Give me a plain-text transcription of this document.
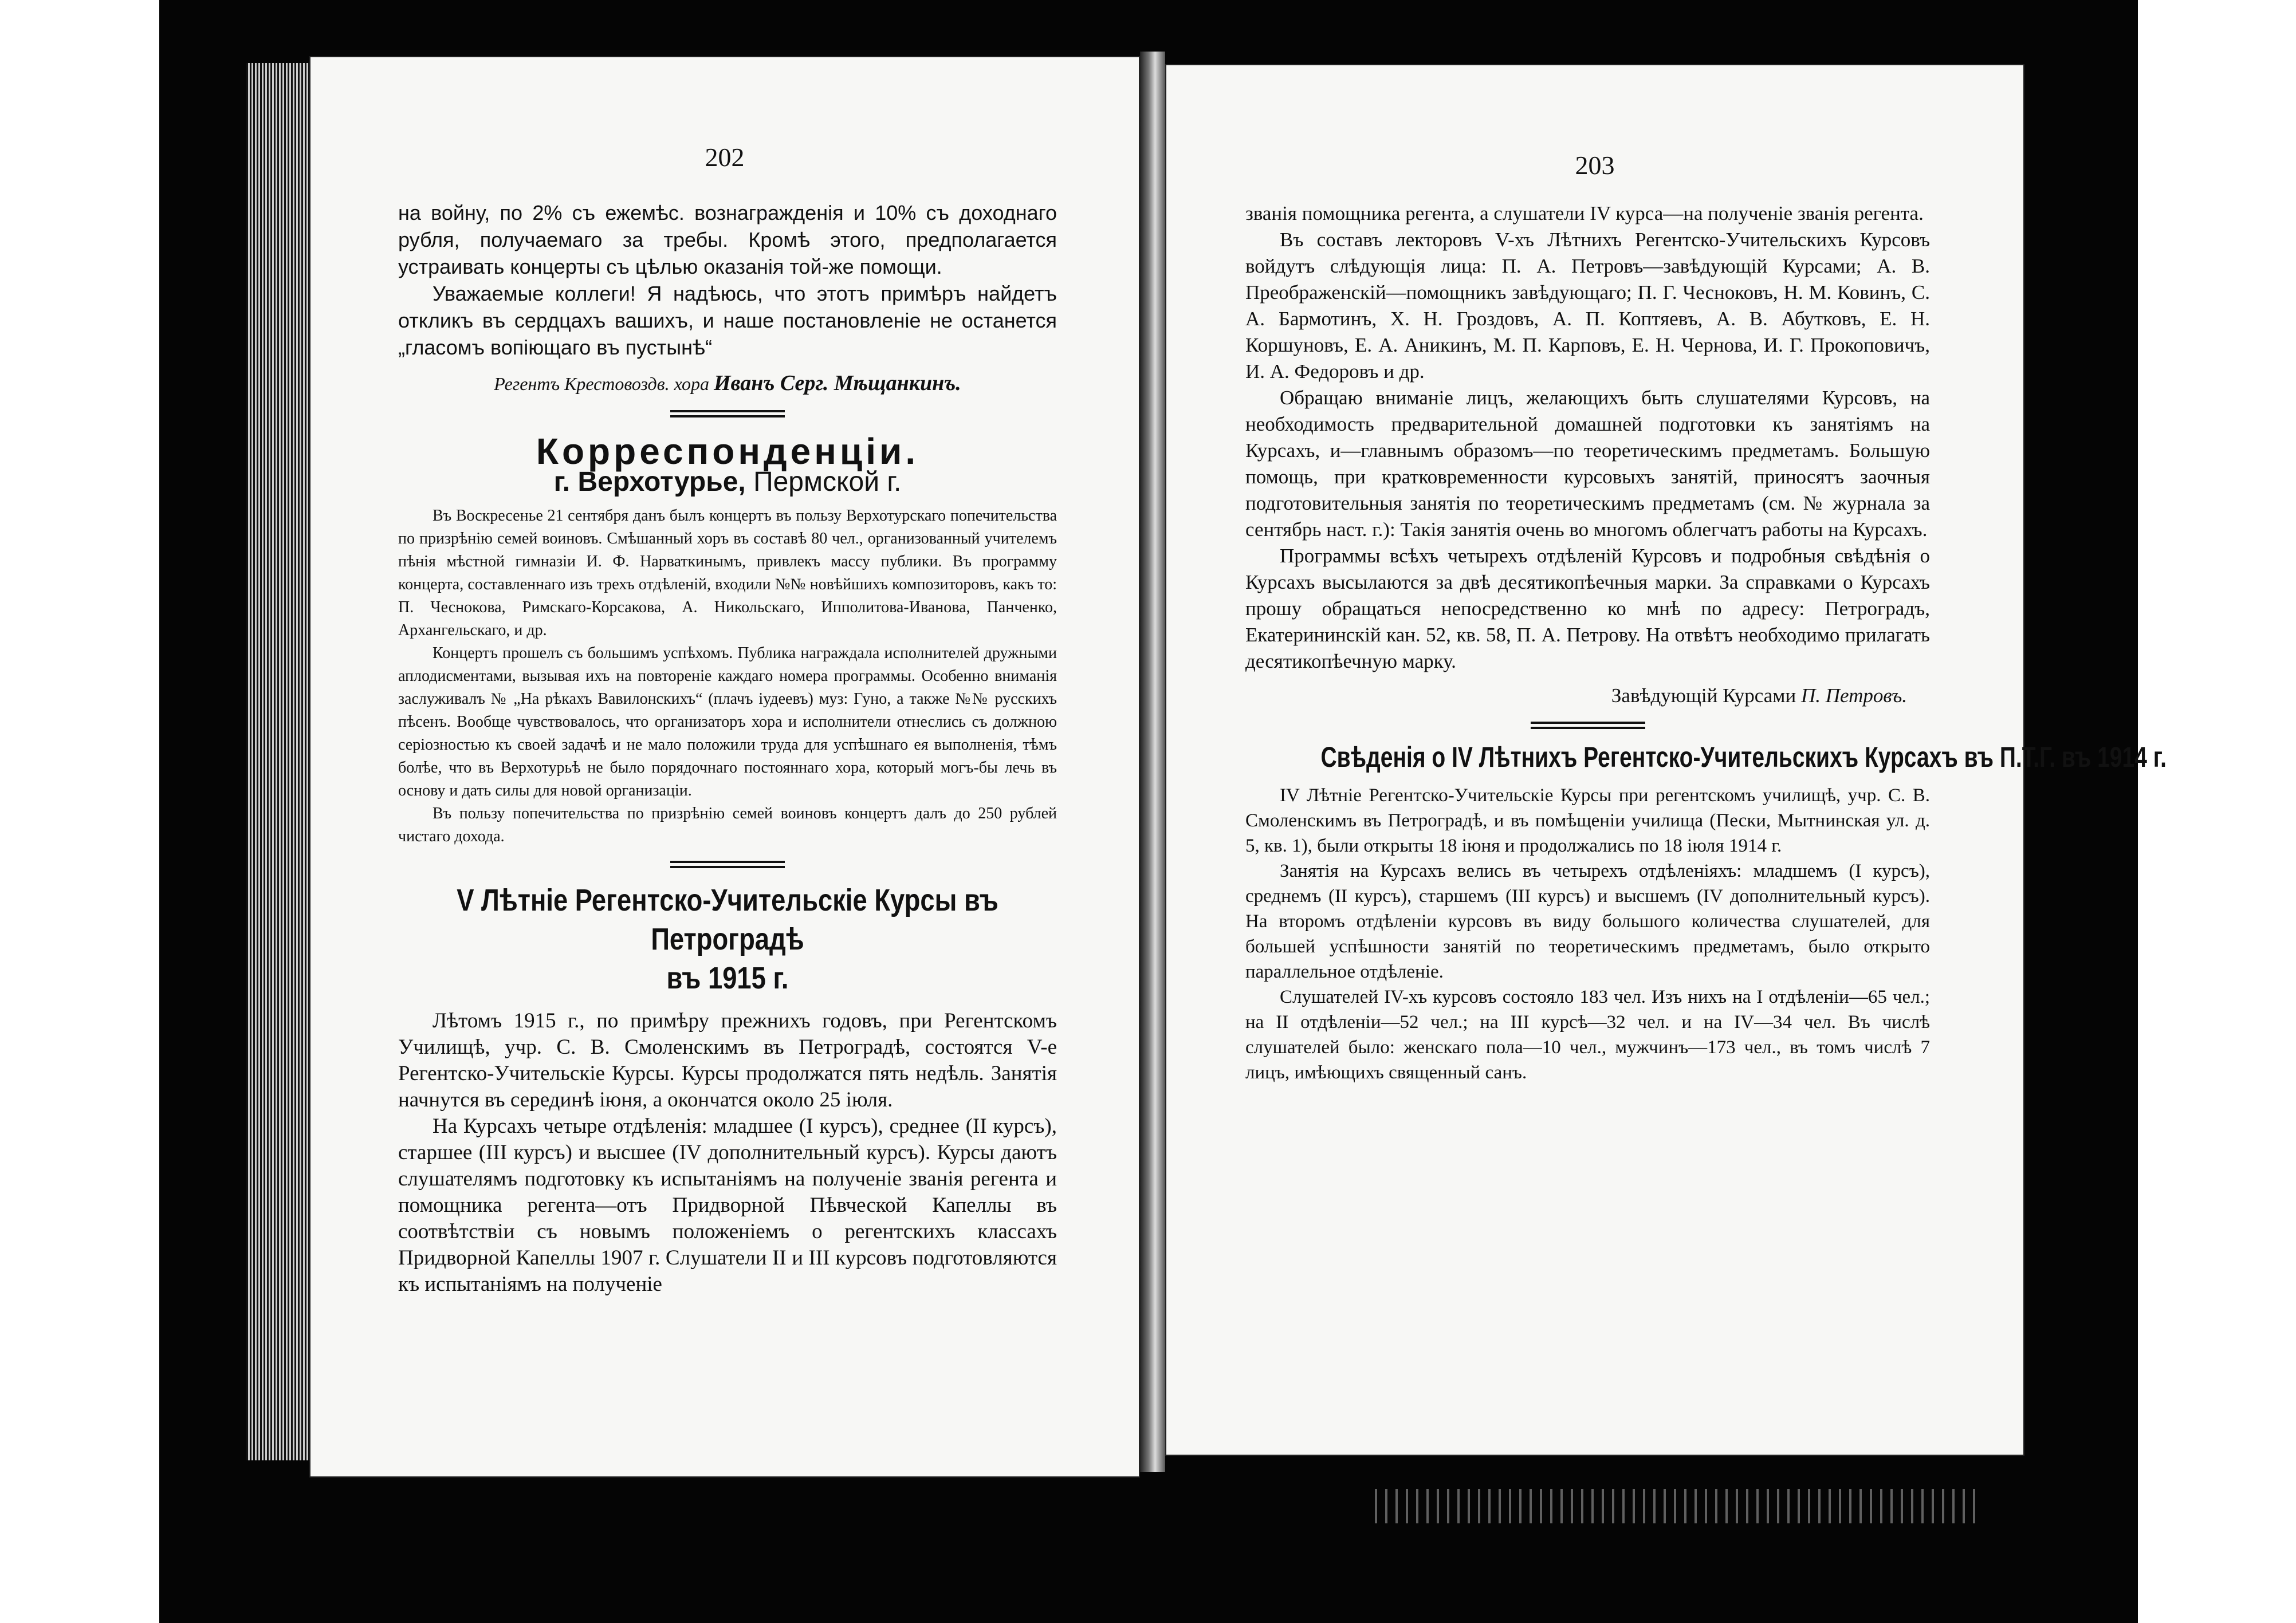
202

на войну, по 2% съ ежемѣс. вознагражденія и 10% съ доходнаго рубля, получаемаго за требы. Кромѣ этого, предполагается устраивать концерты съ цѣлью оказанія той-же помощи.

Уважаемые коллеги! Я надѣюсь, что этотъ примѣръ найдетъ откликъ въ сердцахъ вашихъ, и наше постановленіе не останется „гласомъ вопіющаго въ пустынѣ“

Регентъ Крестовоздв. хора Иванъ Серг. Мѣщанкинъ.
Корреспонденціи.
г. Верхотурье, Пермской г.

Въ Воскресенье 21 сентября данъ былъ концертъ въ пользу Верхотурскаго попечительства по призрѣнію семей воиновъ. Смѣшанный хоръ въ составѣ 80 чел., организованный учителемъ пѣнія мѣстной гимназіи И. Ф. Нарваткинымъ, привлекъ массу публики. Въ программу концерта, составленнаго изъ трехъ отдѣленій, входили №№ новѣйшихъ композиторовъ, какъ то: П. Чеснокова, Римскаго-Корсакова, А. Никольскаго, Ипполитова-Иванова, Панченко, Архангельскаго, и др.

Концертъ прошелъ съ большимъ успѣхомъ. Публика награждала исполнителей дружными аплодисментами, вызывая ихъ на повтореніе каждаго номера программы. Особенно вниманія заслуживалъ № „На рѣкахъ Вавилонскихъ“ (плачъ іудеевъ) муз: Гуно, а также №№ русскихъ пѣсенъ. Вообще чувствовалось, что организаторъ хора и исполнители отнеслись съ должною серіозностью къ своей задачѣ и не мало положили труда для успѣшнаго ея выполненія, тѣмъ болѣе, что въ Верхотурьѣ не было порядочнаго постояннаго хора, который могъ-бы лечь въ основу и дать силы для новой организаціи.

Въ пользу попечительства по призрѣнію семей воиновъ концертъ далъ до 250 рублей чистаго дохода.

V Лѣтніе Регентско-Учительскіе Курсы въ Петроградѣ
въ 1915 г.

Лѣтомъ 1915 г., по примѣру прежнихъ годовъ, при Регентскомъ Училищѣ, учр. С. В. Смоленскимъ въ Петроградѣ, состоятся V-е Регентско-Учительскіе Курсы. Курсы продолжатся пять недѣль. Занятія начнутся въ серединѣ іюня, а окончатся около 25 іюля.

На Курсахъ четыре отдѣленія: младшее (I курсъ), среднее (II курсъ), старшее (III курсъ) и высшее (IV дополнительный курсъ). Курсы даютъ слушателямъ подготовку къ испытаніямъ на полученіе званія регента и помощника регента—отъ Придворной Пѣвческой Капеллы въ соотвѣтствіи съ новымъ положеніемъ о регентскихъ классахъ Придворной Капеллы 1907 г. Слушатели II и III курсовъ подготовляются къ испытаніямъ на полученіе

203

званія помощника регента, а слушатели IV курса—на полученіе званія регента.

Въ составъ лекторовъ V-хъ Лѣтнихъ Регентско-Учительскихъ Курсовъ войдутъ слѣдующія лица: П. А. Петровъ—завѣдующій Курсами; А. В. Преображенскій—помощникъ завѣдующаго; П. Г. Чесноковъ, Н. М. Ковинъ, С. А. Бармотинъ, Х. Н. Гроздовъ, А. П. Коптяевъ, А. В. Абутковъ, Е. Н. Коршуновъ, Е. А. Аникинъ, М. П. Карповъ, Е. Н. Чернова, И. Г. Прокоповичъ, И. А. Федоровъ и др.

Обращаю вниманіе лицъ, желающихъ быть слушателями Курсовъ, на необходимость предварительной домашней подготовки къ занятіямъ на Курсахъ, и—главнымъ образомъ—по теоретическимъ предметамъ. Большую помощь, при кратковременности курсовыхъ занятій, приносятъ заочныя подготовительныя занятія по теоретическимъ предметамъ (см. № журнала за сентябрь наст. г.): Такія занятія очень во многомъ облегчатъ работы на Курсахъ.

Программы всѣхъ четырехъ отдѣленій Курсовъ и подробныя свѣдѣнія о Курсахъ высылаются за двѣ десятикопѣечныя марки. За справками о Курсахъ прошу обращаться непосредственно ко мнѣ по адресу: Петроградъ, Екатерининскій кан. 52, кв. 58, П. А. Петрову. На отвѣтъ необходимо прилагать десятикопѣечную марку.

Завѣдующій Курсами П. Петровъ.
Свѣденія о IV Лѣтнихъ Регентско-Учительскихъ Курсахъ въ П.Т.Г. въ 1914 г.

IV Лѣтніе Регентско-Учительскіе Курсы при регентскомъ училищѣ, учр. С. В. Смоленскимъ въ Петроградѣ, и въ помѣщеніи училища (Пески, Мытнинская ул. д. 5, кв. 1), были открыты 18 іюня и продолжались по 18 іюля 1914 г.

Занятія на Курсахъ велись въ четырехъ отдѣленіяхъ: младшемъ (I курсъ), среднемъ (II курсъ), старшемъ (III курсъ) и высшемъ (IV дополнительный курсъ). На второмъ отдѣленіи курсовъ въ виду большого количества слушателей, для большей успѣшности занятій по теоретическимъ предметамъ, было открыто параллельное отдѣленіе.

Слушателей IV-хъ курсовъ состояло 183 чел. Изъ нихъ на I отдѣленіи—65 чел.; на II отдѣленіи—52 чел.; на III курсѣ—32 чел. и на IV—34 чел. Въ числѣ слушателей было: женскаго пола—10 чел., мужчинъ—173 чел., въ томъ числѣ 7 лицъ, имѣющихъ священный санъ.
